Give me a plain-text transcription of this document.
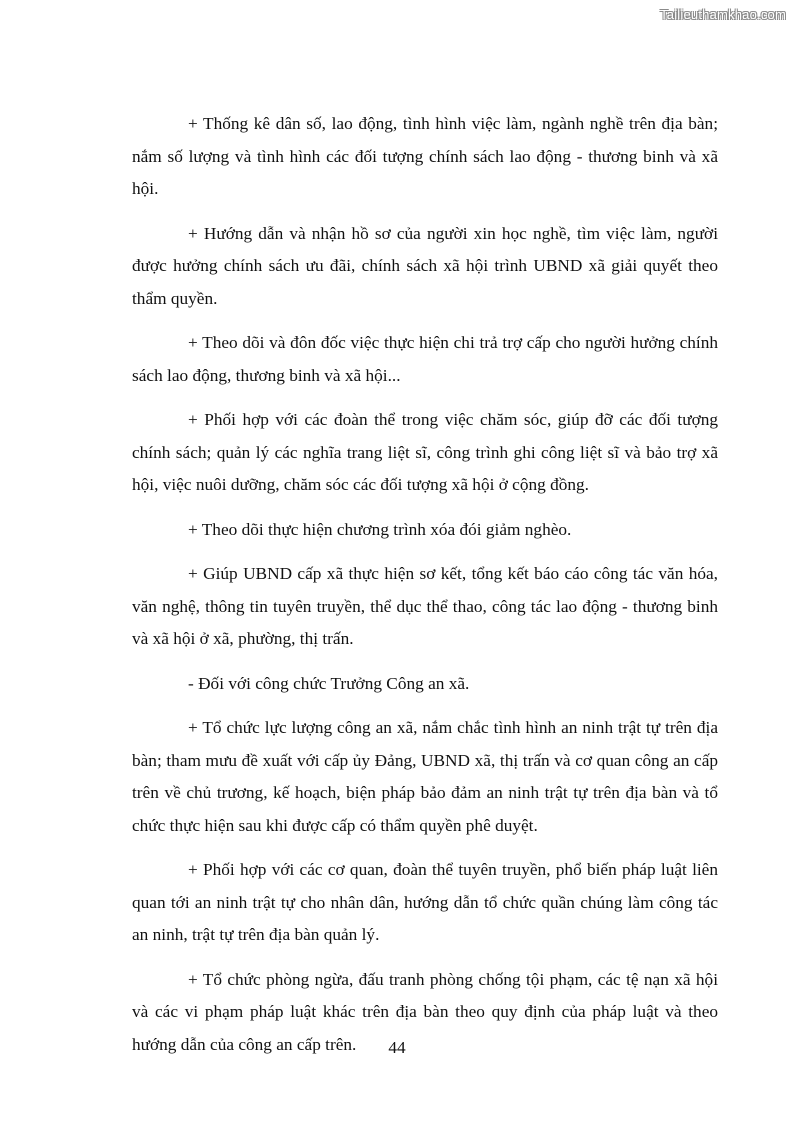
Tailieuthamkhao.com

+ Thống kê dân số, lao động, tình hình việc làm, ngành nghề trên địa bàn; nắm số lượng và tình hình các đối tượng chính sách lao động - thương binh và xã hội.

+ Hướng dẫn và nhận hồ sơ của người xin học nghề, tìm việc làm, người được hưởng chính sách ưu đãi, chính sách xã hội trình UBND xã giải quyết theo thẩm quyền.

+ Theo dõi và đôn đốc việc thực hiện chi trả trợ cấp cho người hưởng chính sách lao động, thương binh và xã hội...

+ Phối hợp với các đoàn thể trong việc chăm sóc, giúp đỡ các đối tượng chính sách; quản lý các nghĩa trang liệt sĩ, công trình ghi công liệt sĩ và bảo trợ xã hội, việc nuôi dưỡng, chăm sóc các đối tượng xã hội ở cộng đồng.

+ Theo dõi thực hiện chương trình xóa đói giảm nghèo.

+ Giúp UBND cấp xã thực hiện sơ kết, tổng kết báo cáo công tác văn hóa, văn nghệ, thông tin tuyên truyền, thể dục thể thao, công tác lao động - thương binh và xã hội ở xã, phường, thị trấn.

- Đối với công chức Trưởng Công an xã.

+ Tổ chức lực lượng công an xã, nắm chắc tình hình an ninh trật tự trên địa bàn; tham mưu đề xuất với cấp ủy Đảng, UBND xã, thị trấn và cơ quan công an cấp trên về chủ trương, kế hoạch, biện pháp bảo đảm an ninh trật tự trên địa bàn và tổ chức thực hiện sau khi được cấp có thẩm quyền phê duyệt.

+ Phối hợp với các cơ quan, đoàn thể tuyên truyền, phổ biến pháp luật liên quan tới an ninh trật tự cho nhân dân, hướng dẫn tổ chức quần chúng làm công tác an ninh, trật tự trên địa bàn quản lý.

+ Tổ chức phòng ngừa, đấu tranh phòng chống tội phạm, các tệ nạn xã hội và các vi phạm pháp luật khác trên địa bàn theo quy định của pháp luật và theo hướng dẫn của công an cấp trên.	44
